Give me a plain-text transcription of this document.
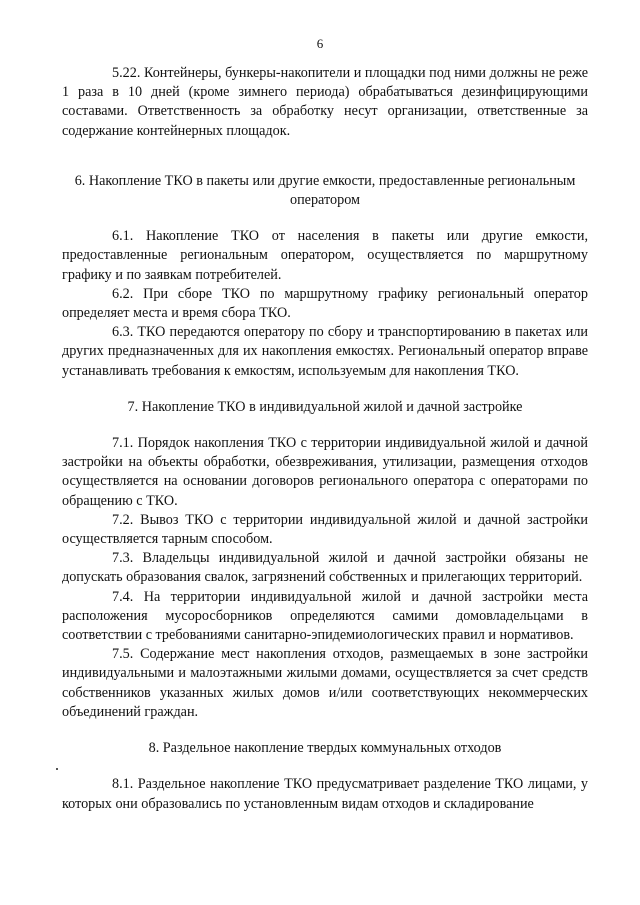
6

5.22. Контейнеры, бункеры-накопители и площадки под ними должны не реже 1 раза в 10 дней (кроме зимнего периода) обрабатываться дезинфицирующими составами. Ответственность за обработку несут организации, ответственные за содержание контейнерных площадок.

6. Накопление ТКО в пакеты или другие емкости, предоставленные региональным оператором

6.1. Накопление ТКО от населения в пакеты или другие емкости, предоставленные региональным оператором, осуществляется по маршрутному графику и по заявкам потребителей.

6.2. При сборе ТКО по маршрутному графику региональный оператор определяет места и время сбора ТКО.

6.3. ТКО передаются оператору по сбору и транспортированию в пакетах или других предназначенных для их накопления емкостях. Региональный оператор вправе устанавливать требования к емкостям, используемым для накопления ТКО.

7. Накопление ТКО в индивидуальной жилой и дачной застройке

7.1. Порядок накопления ТКО с территории индивидуальной жилой и дачной застройки на объекты обработки, обезвреживания, утилизации, размещения отходов осуществляется на основании договоров регионального оператора с операторами по обращению с ТКО.

7.2. Вывоз ТКО с территории индивидуальной жилой и дачной застройки осуществляется тарным способом.

7.3. Владельцы индивидуальной жилой и дачной застройки обязаны не допускать образования свалок, загрязнений собственных и прилегающих территорий.

7.4. На территории индивидуальной жилой и дачной застройки места расположения мусоросборников определяются самими домовладельцами в соответствии с требованиями санитарно-эпидемиологических правил и нормативов.

7.5. Содержание мест накопления отходов, размещаемых в зоне застройки индивидуальными и малоэтажными жилыми домами, осуществляется за счет средств собственников указанных жилых домов и/или соответствующих некоммерческих объединений граждан.

8. Раздельное накопление твердых коммунальных отходов

8.1. Раздельное накопление ТКО предусматривает разделение ТКО лицами, у которых они образовались по установленным видам отходов и складирование
